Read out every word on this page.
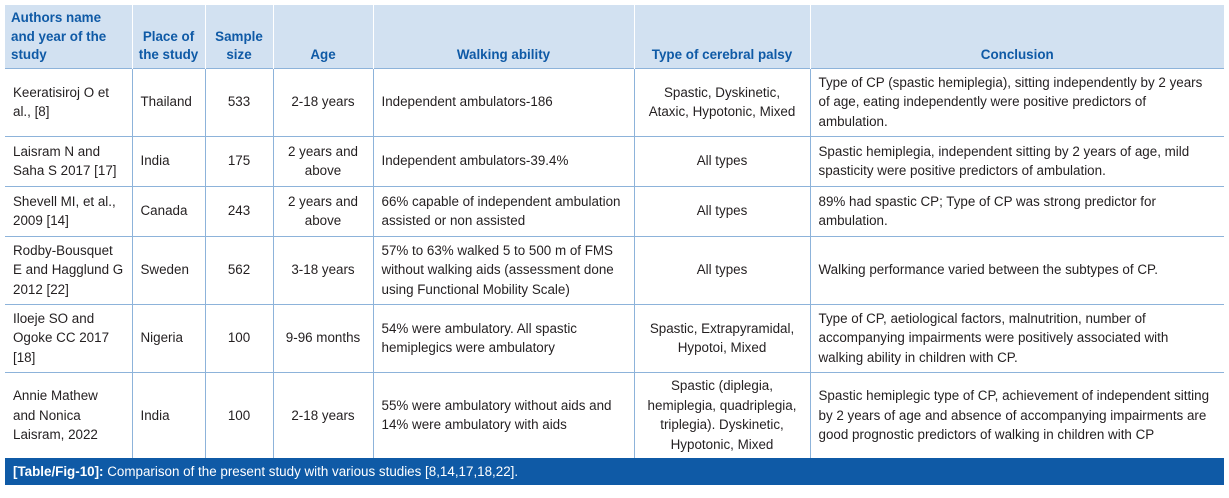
Authors name and year of the study	Place of the study	Sample size	Age	Walking ability	Type of cerebral palsy	Conclusion
Keeratisiroj O et al., [8]	Thailand	533	2-18 years	Independent ambulators-186	Spastic, Dyskinetic, Ataxic, Hypotonic, Mixed	Type of CP (spastic hemiplegia), sitting independently by 2 years of age, eating independently were positive predictors of ambulation.
Laisram N and Saha S 2017 [17]	India	175	2 years and above	Independent ambulators-39.4%	All types	Spastic hemiplegia, independent sitting by 2 years of age, mild spasticity were positive predictors of ambulation.
Shevell MI, et al., 2009 [14]	Canada	243	2 years and above	66% capable of independent ambulation assisted or non assisted	All types	89% had spastic CP; Type of CP was strong predictor for ambulation.
Rodby-Bousquet E and Hagglund G 2012 [22]	Sweden	562	3-18 years	57% to 63% walked 5 to 500 m of FMS without walking aids (assessment done using Functional Mobility Scale)	All types	Walking performance varied between the subtypes of CP.
Iloeje SO and Ogoke CC 2017 [18]	Nigeria	100	9-96 months	54% were ambulatory. All spastic hemiplegics were ambulatory	Spastic, Extrapyramidal, Hypotoi, Mixed	Type of CP, aetiological factors, malnutrition, number of accompanying impairments were positively associated with walking ability in children with CP.
Annie Mathew and Nonica Laisram, 2022	India	100	2-18 years	55% were ambulatory without aids and 14% were ambulatory with aids	Spastic (diplegia, hemiplegia, quadriplegia, triplegia). Dyskinetic, Hypotonic, Mixed	Spastic hemiplegic type of CP, achievement of independent sitting by 2 years of age and absence of accompanying impairments are good prognostic predictors of walking in children with CP
[Table/Fig-10]: Comparison of the present study with various studies [8,14,17,18,22].
